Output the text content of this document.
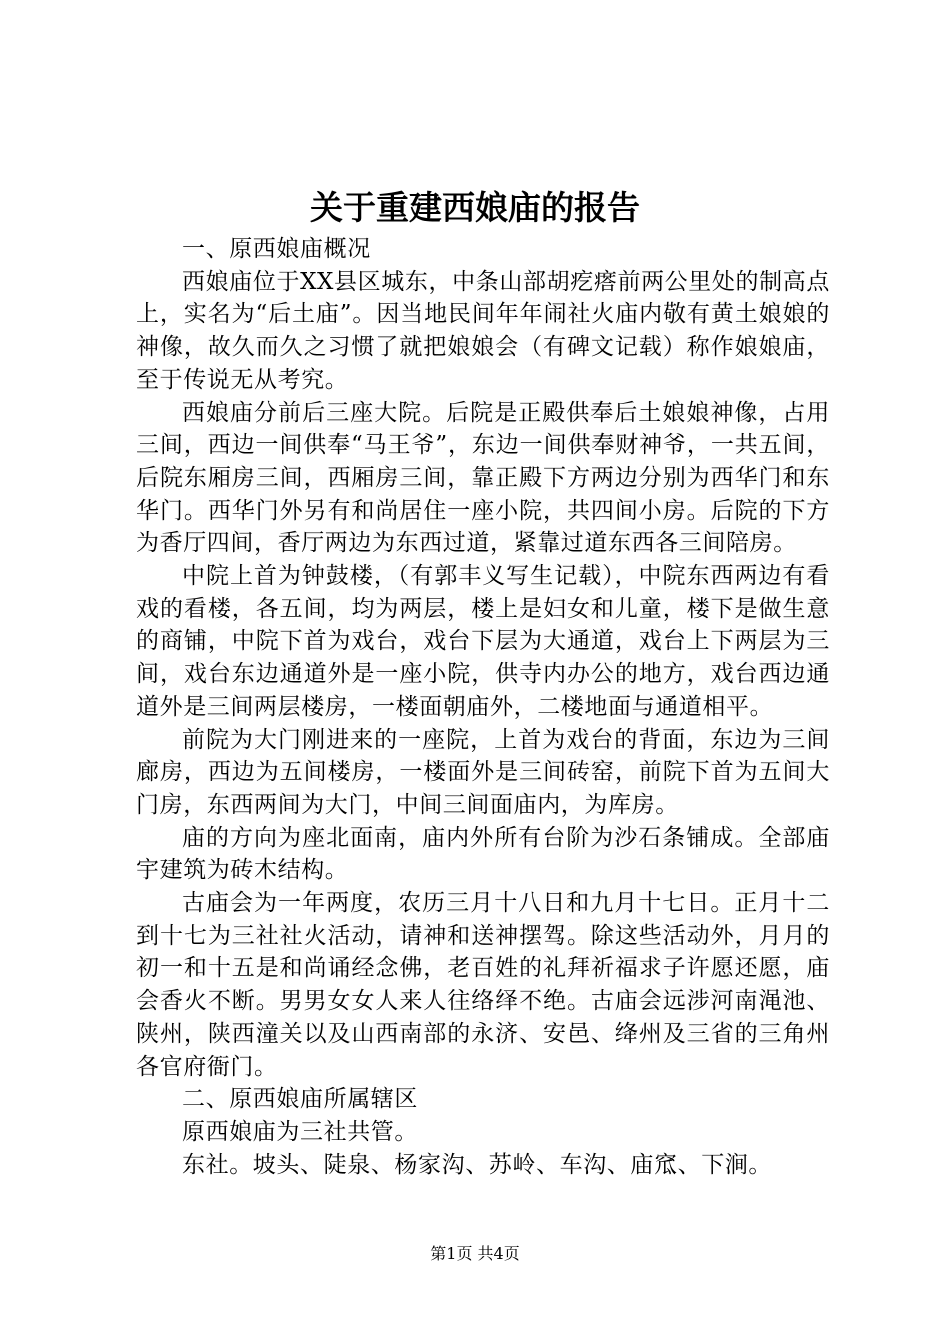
关于重建西娘庙的报告

一、原西娘庙概况

西娘庙位于XX县区城东，中条山部胡疙瘩前两公里处的制高点上，实名为“后土庙”。因当地民间年年闹社火庙内敬有黄土娘娘的神像，故久而久之习惯了就把娘娘会（有碑文记载）称作娘娘庙，至于传说无从考究。

西娘庙分前后三座大院。后院是正殿供奉后土娘娘神像，占用三间，西边一间供奉“马王爷”，东边一间供奉财神爷，一共五间，后院东厢房三间，西厢房三间，靠正殿下方两边分别为西华门和东华门。西华门外另有和尚居住一座小院，共四间小房。后院的下方为香厅四间，香厅两边为东西过道，紧靠过道东西各三间陪房。

中院上首为钟鼓楼，（有郭丰义写生记载），中院东西两边有看戏的看楼，各五间，均为两层，楼上是妇女和儿童，楼下是做生意的商铺，中院下首为戏台，戏台下层为大通道，戏台上下两层为三间，戏台东边通道外是一座小院，供寺内办公的地方，戏台西边通道外是三间两层楼房，一楼面朝庙外，二楼地面与通道相平。

前院为大门刚进来的一座院，上首为戏台的背面，东边为三间廊房，西边为五间楼房，一楼面外是三间砖窑，前院下首为五间大门房，东西两间为大门，中间三间面庙内，为库房。

庙的方向为座北面南，庙内外所有台阶为沙石条铺成。全部庙宇建筑为砖木结构。

古庙会为一年两度，农历三月十八日和九月十七日。正月十二到十七为三社社火活动，请神和送神摆驾。除这些活动外，月月的初一和十五是和尚诵经念佛，老百姓的礼拜祈福求子许愿还愿，庙会香火不断。男男女女人来人往络绎不绝。古庙会远涉河南渑池、陕州，陕西潼关以及山西南部的永济、安邑、绛州及三省的三角州各官府衙门。

二、原西娘庙所属辖区

原西娘庙为三社共管。

东社。坡头、陡泉、杨家沟、苏岭、车沟、庙窊、下涧。

第1页 共4页
